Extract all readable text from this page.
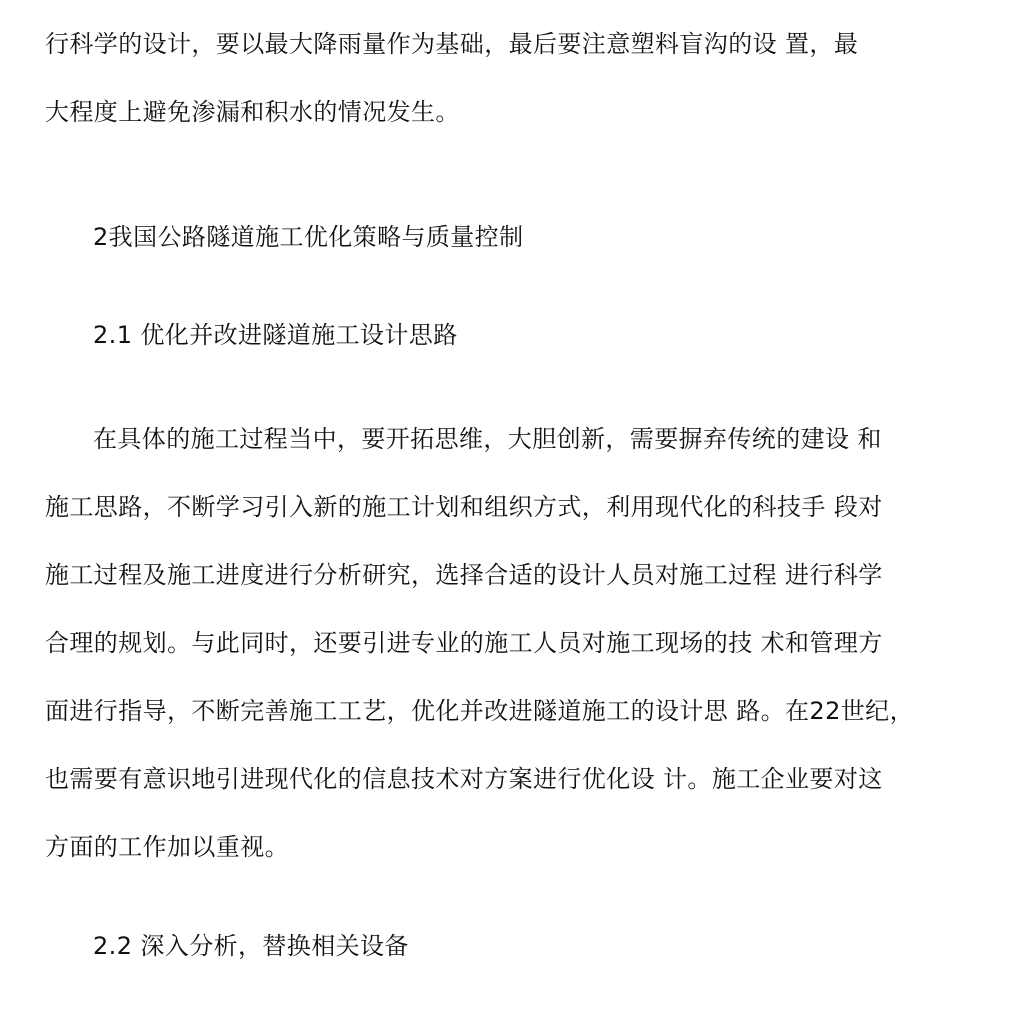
行科学的设计，要以最大降雨量作为基础，最后要注意塑料盲沟的设 置，最
大程度上避免渗漏和积水的情况发生。
2我国公路隧道施工优化策略与质量控制
2.1 优化并改进隧道施工设计思路
在具体的施工过程当中，要开拓思维，大胆创新，需要摒弃传统的建设 和
施工思路，不断学习引入新的施工计划和组织方式，利用现代化的科技手 段对
施工过程及施工进度进行分析研究，选择合适的设计人员对施工过程 进行科学
合理的规划。与此同时，还要引进专业的施工人员对施工现场的技 术和管理方
面进行指导，不断完善施工工艺，优化并改进隧道施工的设计思 路。在22世纪，
也需要有意识地引进现代化的信息技术对方案进行优化设 计。施工企业要对这
方面的工作加以重视。
2.2 深入分析，替换相关设备
